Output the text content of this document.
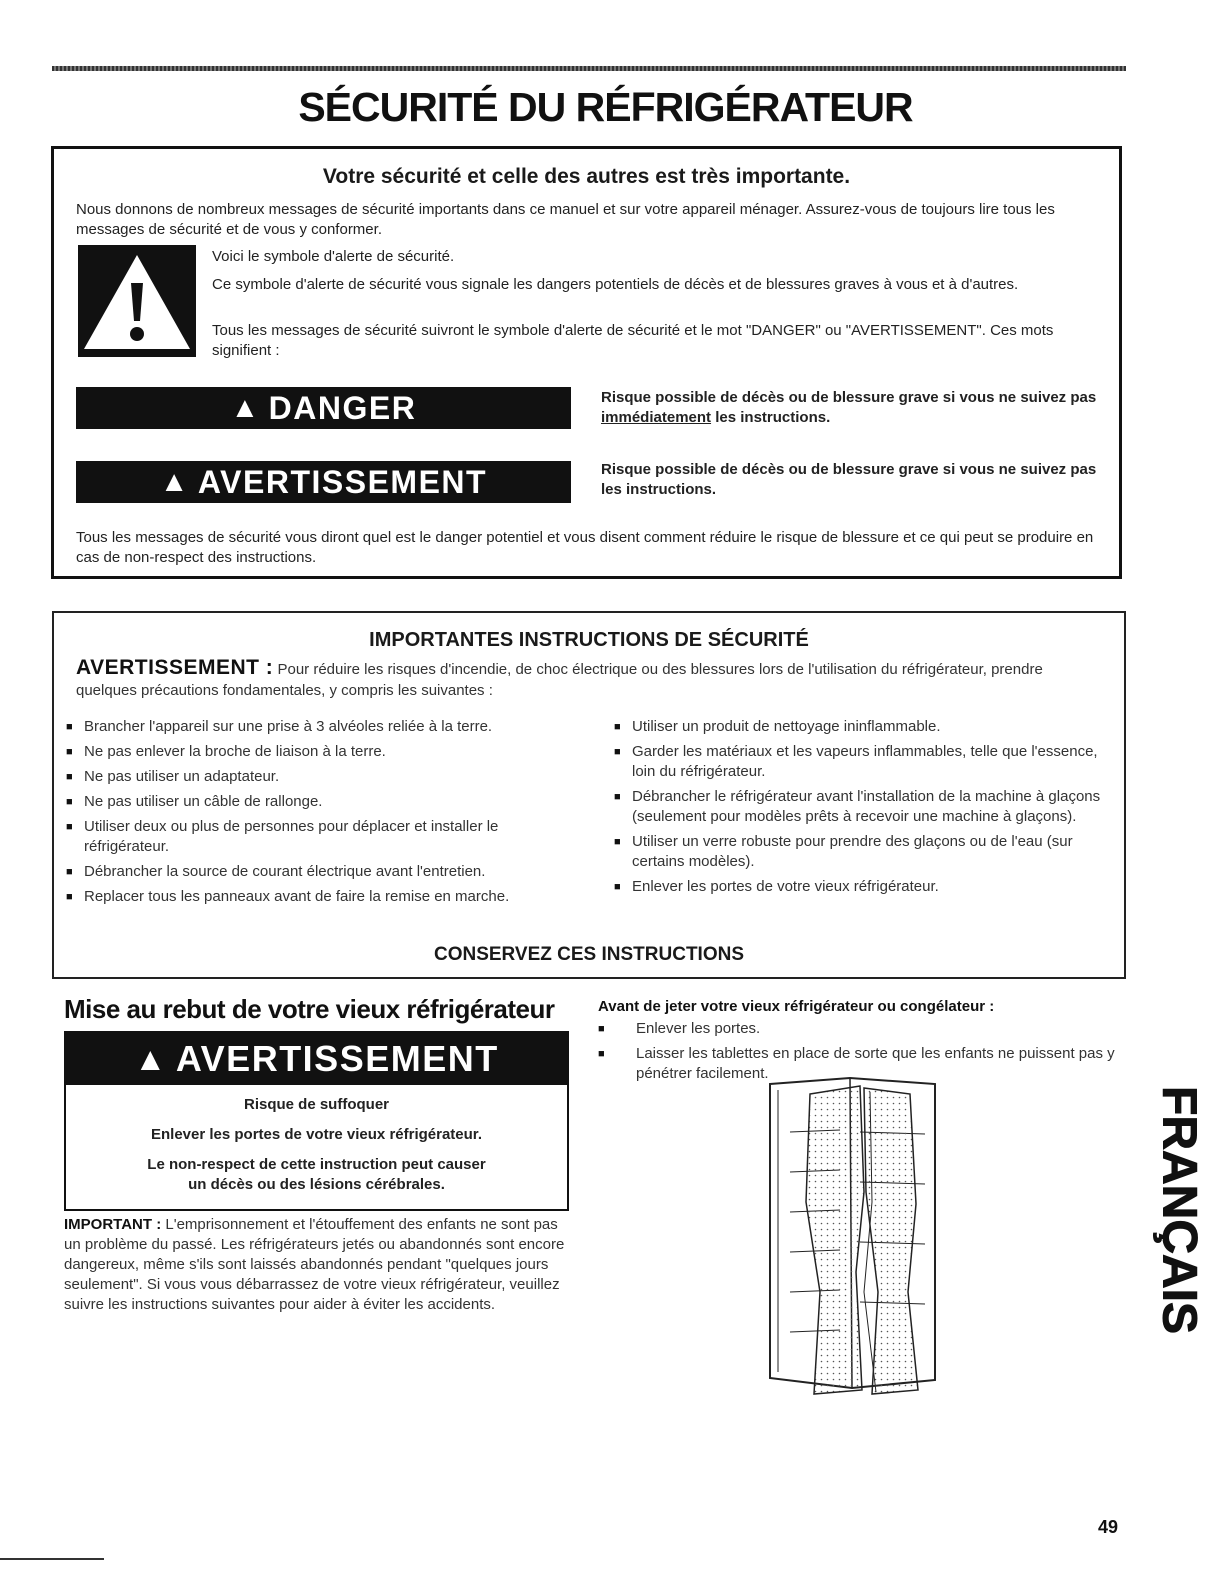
SÉCURITÉ DU RÉFRIGÉRATEUR
Votre sécurité et celle des autres est très importante.
Nous donnons de nombreux messages de sécurité importants dans ce manuel et sur votre appareil ménager. Assurez-vous de toujours lire tous les messages de sécurité et de vous y conformer.
Voici le symbole d'alerte de sécurité.
Ce symbole d'alerte de sécurité vous signale les dangers potentiels de décès et de blessures graves à vous et à d'autres.
Tous les messages de sécurité suivront le symbole d'alerte de sécurité et le mot "DANGER" ou "AVERTISSEMENT". Ces mots signifient :
▲ DANGER	Risque possible de décès ou de blessure grave si vous ne suivez pas immédiatement les instructions.
▲ AVERTISSEMENT	Risque possible de décès ou de blessure grave si vous ne suivez pas les instructions.
Tous les messages de sécurité vous diront quel est le danger potentiel et vous disent comment réduire le risque de blessure et ce qui peut se produire en cas de non-respect des instructions.
IMPORTANTES INSTRUCTIONS DE SÉCURITÉ
AVERTISSEMENT : Pour réduire les risques d'incendie, de choc électrique ou des blessures lors de l'utilisation du réfrigérateur, prendre quelques précautions fondamentales, y compris les suivantes :
■ Brancher l'appareil sur une prise à 3 alvéoles reliée à la terre.
■ Ne pas enlever la broche de liaison à la terre.
■ Ne pas utiliser un adaptateur.
■ Ne pas utiliser un câble de rallonge.
■ Utiliser deux ou plus de personnes pour déplacer et installer le réfrigérateur.
■ Débrancher la source de courant électrique avant l'entretien.
■ Replacer tous les panneaux avant de faire la remise en marche.
■ Utiliser un produit de nettoyage ininflammable.
■ Garder les matériaux et les vapeurs inflammables, telle que l'essence, loin du réfrigérateur.
■ Débrancher le réfrigérateur avant l'installation de la machine à glaçons (seulement pour modèles prêts à recevoir une machine à glaçons).
■ Utiliser un verre robuste pour prendre des glaçons ou de l'eau (sur certains modèles).
■ Enlever les portes de votre vieux réfrigérateur.

CONSERVEZ CES INSTRUCTIONS

Mise au rebut de votre vieux réfrigérateur
▲ AVERTISSEMENT
Risque de suffoquer
Enlever les portes de votre vieux réfrigérateur.
Le non-respect de cette instruction peut causer
un décès ou des lésions cérébrales.
IMPORTANT : L'emprisonnement et l'étouffement des enfants ne sont pas un problème du passé. Les réfrigérateurs jetés ou abandonnés sont encore dangereux, même s'ils sont laissés abandonnés pendant "quelques jours seulement". Si vous vous débarrassez de votre vieux réfrigérateur, veuillez suivre les instructions suivantes pour aider à éviter les accidents.
Avant de jeter votre vieux réfrigérateur ou congélateur :
■ Enlever les portes.
■ Laisser les tablettes en place de sorte que les enfants ne puissent pas y pénétrer facilement.
FRANÇAIS
49
